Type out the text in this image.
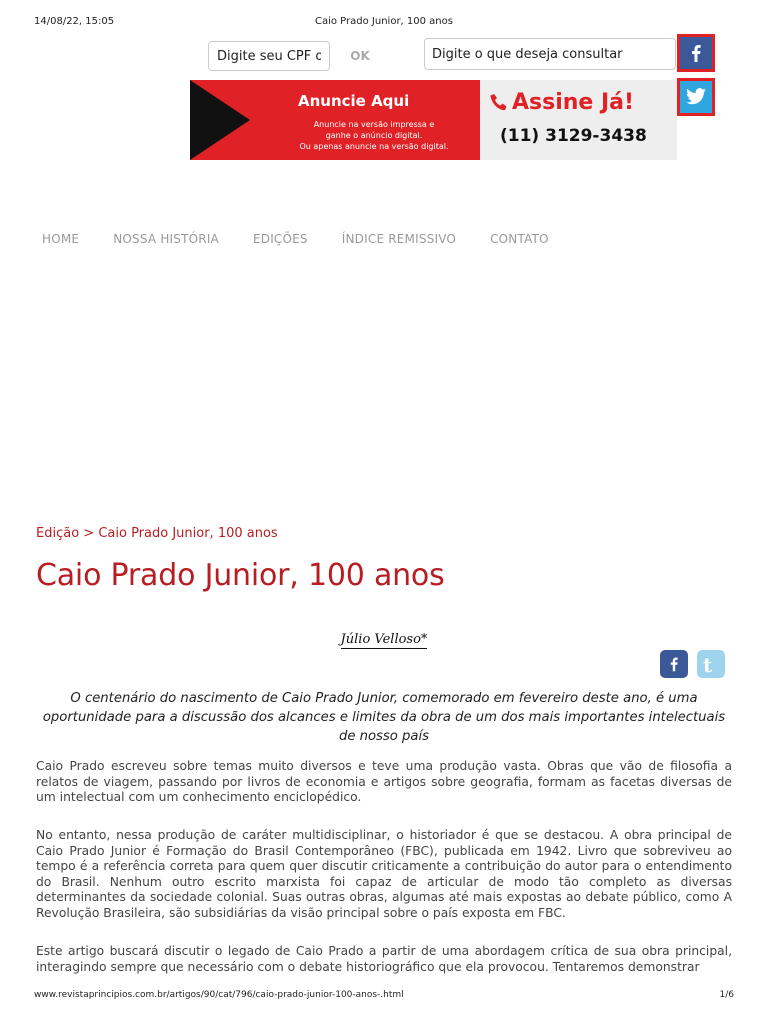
14/08/22, 15:05	Caio Prado Junior, 100 anos
Digite seu CPF o
OK
Digite o que deseja consultar
Anuncie Aqui
Anuncie na versão impressa e
ganhe o anúncio digital.
Ou apenas anuncie na versão digital.
Assine Já!
(11) 3129-3438
HOME	NOSSA HISTÓRIA	EDIÇÕES	ÍNDICE REMISSIVO	CONTATO
Edição > Caio Prado Junior, 100 anos
Caio Prado Junior, 100 anos
Júlio Velloso*
t

O centenário do nascimento de Caio Prado Junior, comemorado em fevereiro deste ano, é uma oportunidade para a discussão dos alcances e limites da obra de um dos mais importantes intelectuais de nosso país

Caio Prado escreveu sobre temas muito diversos e teve uma produção vasta. Obras que vão de filosofia a relatos de viagem, passando por livros de economia e artigos sobre geografia, formam as facetas diversas de um intelectual com um conhecimento enciclopédico.

No entanto, nessa produção de caráter multidisciplinar, o historiador é que se destacou. A obra principal de Caio Prado Junior é Formação do Brasil Contemporâneo (FBC), publicada em 1942. Livro que sobreviveu ao tempo é a referência correta para quem quer discutir criticamente a contribuição do autor para o entendimento do Brasil. Nenhum outro escrito marxista foi capaz de articular de modo tão completo as diversas determinantes da sociedade colonial. Suas outras obras, algumas até mais expostas ao debate público, como A Revolução Brasileira, são subsidiárias da visão principal sobre o país exposta em FBC.

Este artigo buscará discutir o legado de Caio Prado a partir de uma abordagem crítica de sua obra principal, interagindo sempre que necessário com o debate historiográfico que ela provocou. Tentaremos demonstrar

www.revistaprincipios.com.br/artigos/90/cat/796/caio-prado-junior-100-anos-.html	1/6
